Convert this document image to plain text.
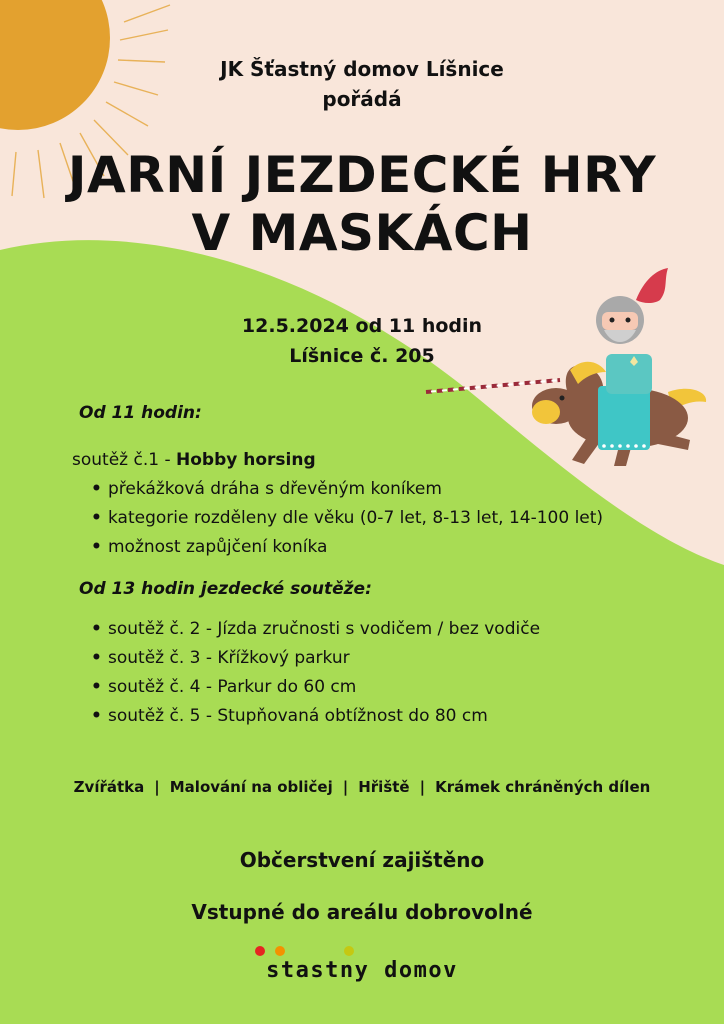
JK Šťastný domov Líšnice
pořádá
JARNÍ JEZDECKÉ HRY
V MASKÁCH
12.5.2024 od 11 hodin
Líšnice č. 205
Od 11 hodin:
soutěž č.1 - Hobby horsing
• překážková dráha s dřevěným koníkem
• kategorie rozděleny dle věku (0-7 let, 8-13 let, 14-100 let)
• možnost zapůjčení koníka
Od 13 hodin jezdecké soutěže:
• soutěž č. 2 - Jízda zručnosti s vodičem / bez vodiče
• soutěž č. 3 - Křížkový parkur
• soutěž č. 4 - Parkur do 60 cm
• soutěž č. 5 - Stupňovaná obtížnost do 80 cm
Zvířátka | Malování na obličej | Hřiště | Krámek chráněných dílen
Občerstvení zajištěno
Vstupné do areálu dobrovolné
stastny domov
